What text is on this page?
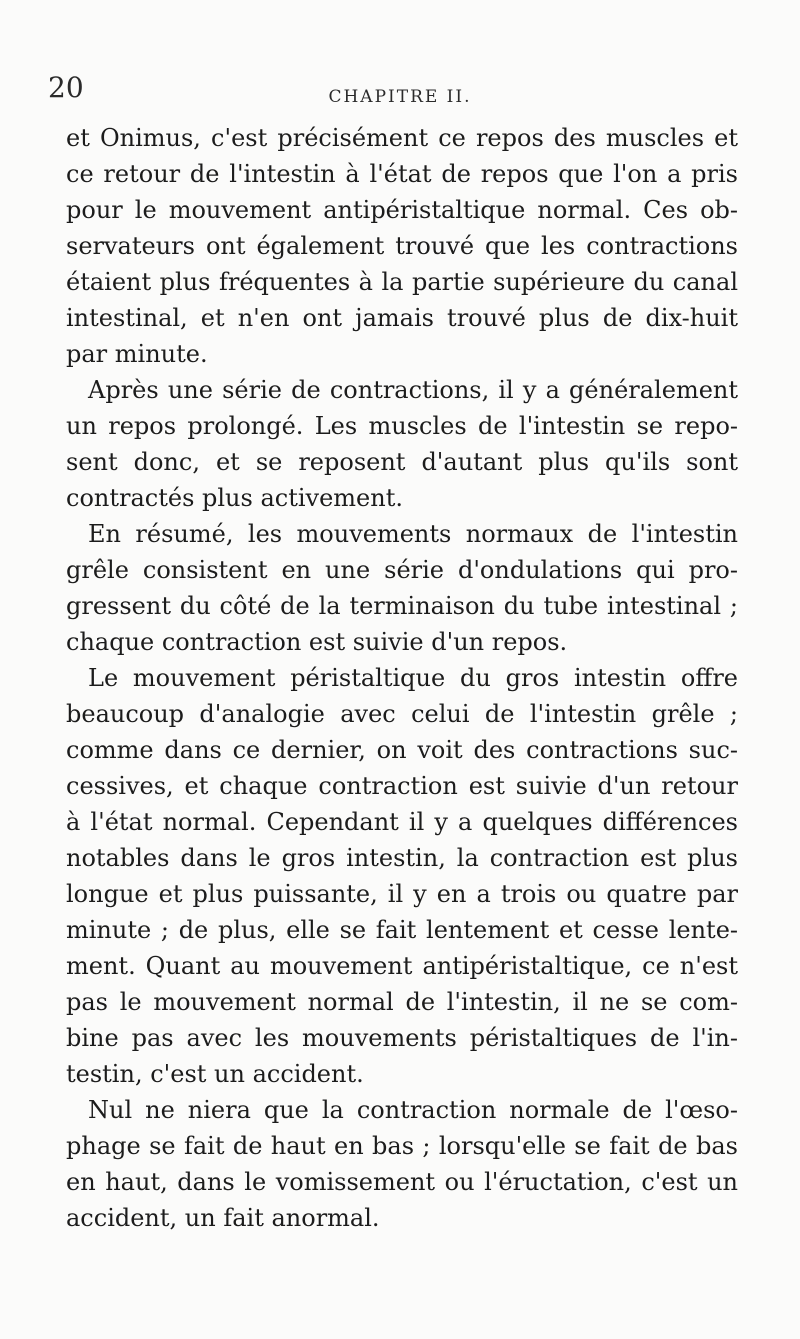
20	CHAPITRE II.
et Onimus, c'est précisément ce repos des muscles et
ce retour de l'intestin à l'état de repos que l'on a pris
pour le mouvement antipéristaltique normal. Ces ob-
servateurs ont également trouvé que les contractions
étaient plus fréquentes à la partie supérieure du canal
intestinal, et n'en ont jamais trouvé plus de dix-huit
par minute.
Après une série de contractions, il y a généralement
un repos prolongé. Les muscles de l'intestin se repo-
sent donc, et se reposent d'autant plus qu'ils sont
contractés plus activement.
En résumé, les mouvements normaux de l'intestin
grêle consistent en une série d'ondulations qui pro-
gressent du côté de la terminaison du tube intestinal ;
chaque contraction est suivie d'un repos.
Le mouvement péristaltique du gros intestin offre
beaucoup d'analogie avec celui de l'intestin grêle ;
comme dans ce dernier, on voit des contractions suc-
cessives, et chaque contraction est suivie d'un retour
à l'état normal. Cependant il y a quelques différences
notables dans le gros intestin, la contraction est plus
longue et plus puissante, il y en a trois ou quatre par
minute ; de plus, elle se fait lentement et cesse lente-
ment. Quant au mouvement antipéristaltique, ce n'est
pas le mouvement normal de l'intestin, il ne se com-
bine pas avec les mouvements péristaltiques de l'in-
testin, c'est un accident.
Nul ne niera que la contraction normale de l'œso-
phage se fait de haut en bas ; lorsqu'elle se fait de bas
en haut, dans le vomissement ou l'éructation, c'est un
accident, un fait anormal.
